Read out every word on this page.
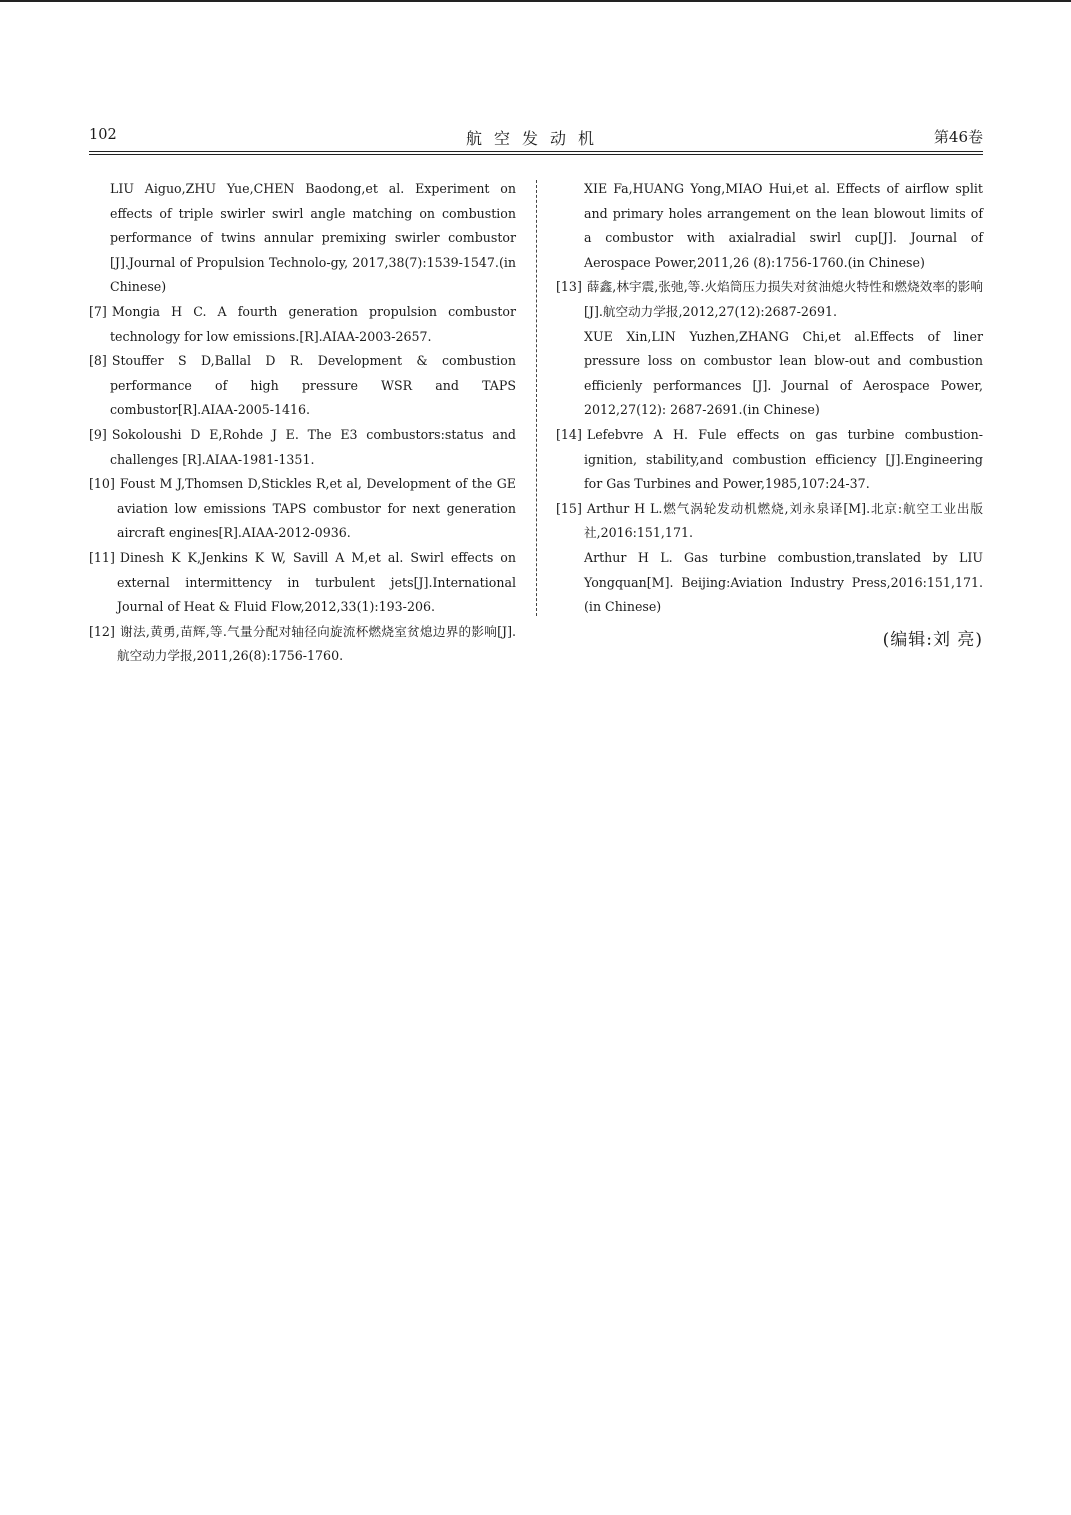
102	航空发动机	第46卷

LIU Aiguo,ZHU Yue,CHEN Baodong,et al. Experiment on effects of triple swirler swirl angle matching on combustion performance of twins annular premixing swirler combustor [J].Journal of Propulsion Technolo-gy, 2017,38(7):1539-1547.(in Chinese)

[7] Mongia H C. A fourth generation propulsion combustor technology for low emissions.[R].AIAA-2003-2657.
[8] Stouffer S D,Ballal D R. Development & combustion performance of high pressure WSR and TAPS combustor[R].AIAA-2005-1416.
[9] Sokoloushi D E,Rohde J E. The E3 combustors:status and challenges [R].AIAA-1981-1351.
[10] Foust M J,Thomsen D,Stickles R,et al, Development of the GE aviation low emissions TAPS combustor for next generation aircraft engines[R].AIAA-2012-0936.
[11] Dinesh K K,Jenkins K W, Savill A M,et al. Swirl effects on external intermittency in turbulent jets[J].International Journal of Heat & Fluid Flow,2012,33(1):193-206.
[12] 谢法,黄勇,苗辉,等.气量分配对轴径向旋流杯燃烧室贫熄边界的影响[J].航空动力学报,2011,26(8):1756-1760.

XIE Fa,HUANG Yong,MIAO Hui,et al. Effects of airflow split and primary holes arrangement on the lean blowout limits of a combustor with axialradial swirl cup[J]. Journal of Aerospace Power,2011,26 (8):1756-1760.(in Chinese)

[13] 薛鑫,林宇震,张弛,等.火焰筒压力损失对贫油熄火特性和燃烧效率的影响[J].航空动力学报,2012,27(12):2687-2691.

XUE Xin,LIN Yuzhen,ZHANG Chi,et al.Effects of liner pressure loss on combustor lean blow-out and combustion efficienly performances [J]. Journal of Aerospace Power, 2012,27(12): 2687-2691.(in Chinese)

[14] Lefebvre A H. Fule effects on gas turbine combustion-ignition, stability,and combustion efficiency [J].Engineering for Gas Turbines and Power,1985,107:24-37.
[15] Arthur H L.燃气涡轮发动机燃烧,刘永泉译[M].北京:航空工业出版社,2016:151,171.

Arthur H L. Gas turbine combustion,translated by LIU Yongquan[M]. Beijing:Aviation Industry Press,2016:151,171.(in Chinese)

(编辑:刘 亮)
